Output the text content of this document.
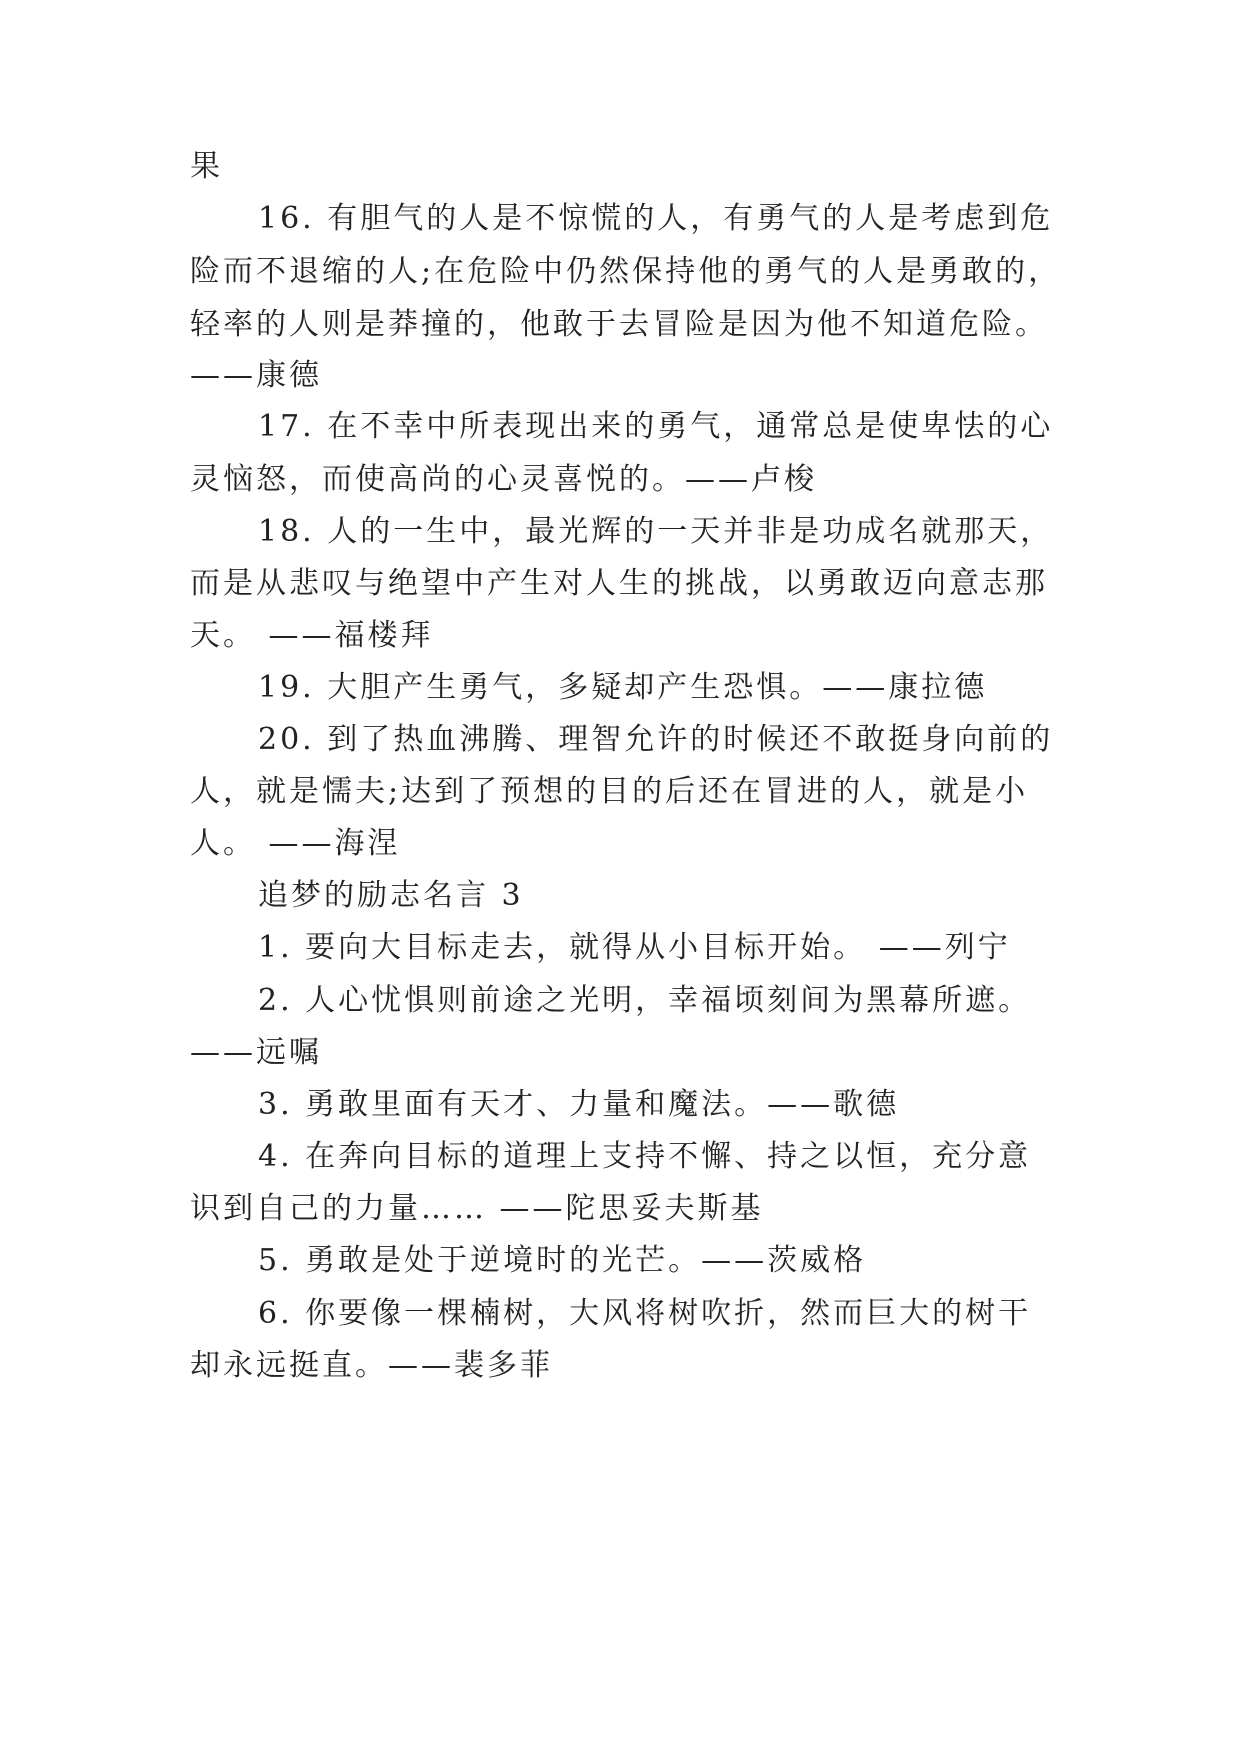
果
16. 有胆气的人是不惊慌的人，有勇气的人是考虑到危
险而不退缩的人;在危险中仍然保持他的勇气的人是勇敢的，
轻率的人则是莽撞的，他敢于去冒险是因为他不知道危险。
——康德
17. 在不幸中所表现出来的勇气，通常总是使卑怯的心
灵恼怒，而使高尚的心灵喜悦的。——卢梭
18. 人的一生中，最光辉的一天并非是功成名就那天，
而是从悲叹与绝望中产生对人生的挑战，以勇敢迈向意志那
天。 ——福楼拜
19. 大胆产生勇气，多疑却产生恐惧。——康拉德
20. 到了热血沸腾、理智允许的时候还不敢挺身向前的
人，就是懦夫;达到了预想的目的后还在冒进的人，就是小
人。 ——海涅
追梦的励志名言 3
1. 要向大目标走去，就得从小目标开始。 ——列宁
2. 人心忧惧则前途之光明，幸福顷刻间为黑幕所遮。
——远嘱
3. 勇敢里面有天才、力量和魔法。——歌德
4. 在奔向目标的道理上支持不懈、持之以恒，充分意
识到自己的力量…… ——陀思妥夫斯基
5. 勇敢是处于逆境时的光芒。——茨威格
6. 你要像一棵楠树，大风将树吹折，然而巨大的树干
却永远挺直。——裴多菲
